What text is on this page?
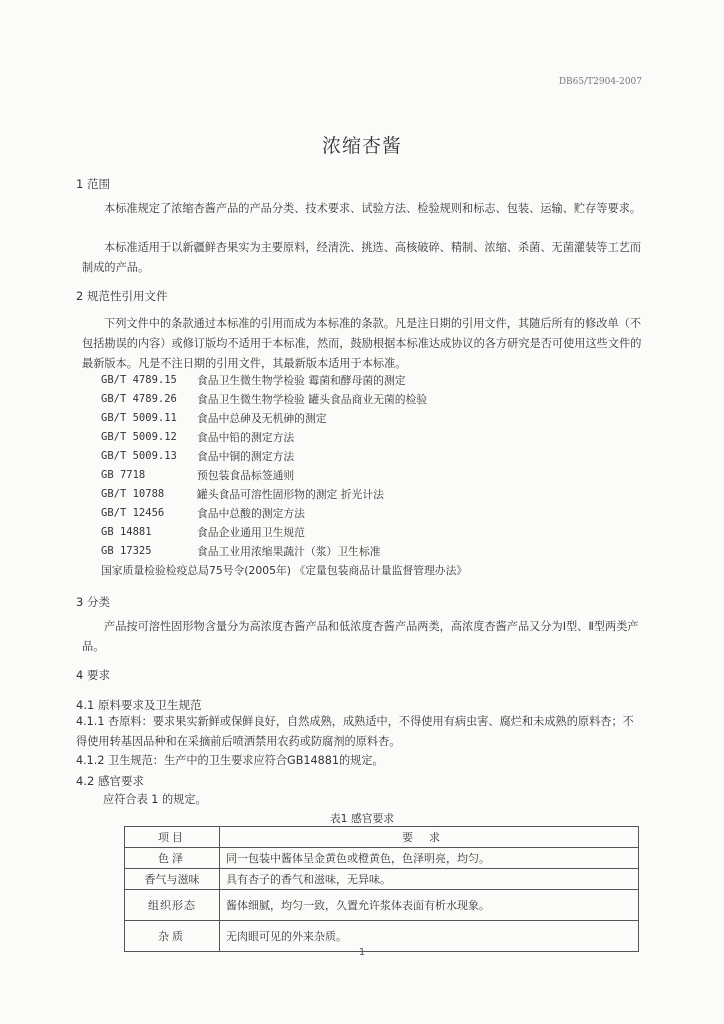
DB65/T2904-2007
浓缩杏酱
1 范围
本标准规定了浓缩杏酱产品的产品分类、技术要求、试验方法、检验规则和标志、包装、运输、贮存等要求。
本标准适用于以新疆鲜杏果实为主要原料，经清洗、挑选、高核破碎、精制、浓缩、杀菌、无菌灌装等工艺而制成的产品。
2 规范性引用文件
下列文件中的条款通过本标准的引用而成为本标准的条款。凡是注日期的引用文件，其随后所有的修改单（不包括勘误的内容）或修订版均不适用于本标准，然而，鼓励根据本标准达成协议的各方研究是否可使用这些文件的最新版本。凡是不注日期的引用文件，其最新版本适用于本标准。
GB/T 4789.15 食品卫生微生物学检验 霉菌和酵母菌的测定
GB/T 4789.26 食品卫生微生物学检验 罐头食品商业无菌的检验
GB/T 5009.11 食品中总砷及无机砷的测定
GB/T 5009.12 食品中铅的测定方法
GB/T 5009.13 食品中铜的测定方法
GB 7718	预包装食品标签通则
GB/T 10788	罐头食品可溶性固形物的测定 折光计法
GB/T 12456	食品中总酸的测定方法
GB 14881	食品企业通用卫生规范
GB 17325	食品工业用浓缩果蔬汁（浆）卫生标准
国家质量检验检疫总局75号令(2005年) 《定量包装商品计量监督管理办法》
3 分类
产品按可溶性固形物含量分为高浓度杏酱产品和低浓度杏酱产品两类，高浓度杏酱产品又分为Ⅰ型、Ⅱ型两类产品。
4 要求
4.1 原料要求及卫生规范
4.1.1 杏原料：要求果实新鲜或保鲜良好，自然成熟，成熟适中，不得使用有病虫害、腐烂和未成熟的原料杏；不得使用转基因品种和在采摘前后喷洒禁用农药或防腐剂的原料杏。
4.1.2 卫生规范：生产中的卫生要求应符合GB14881的规定。
4.2 感官要求
应符合表 1 的规定。
表1 感官要求
项目	要求
色泽	同一包装中酱体呈金黄色或橙黄色，色泽明亮，均匀。
香气与滋味	具有杏子的香气和滋味，无异味。
组织形态	酱体细腻，均匀一致，久置允许浆体表面有析水现象。
杂质	无肉眼可见的外来杂质。
1
